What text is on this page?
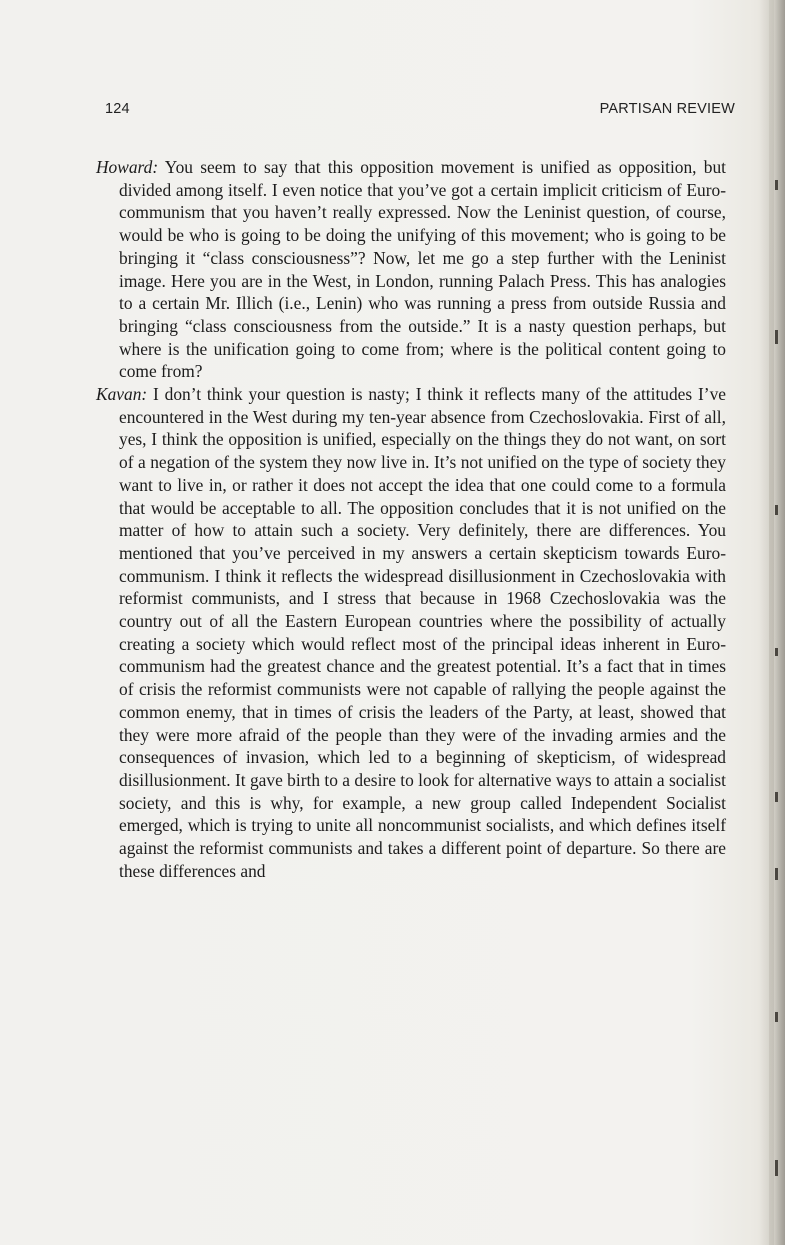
124	PARTISAN REVIEW

Howard: You seem to say that this opposition movement is unified as opposition, but divided among itself. I even notice that you’ve got a certain implicit criticism of Euro-communism that you haven’t really expressed. Now the Leninist question, of course, would be who is going to be doing the unifying of this movement; who is going to be bringing it “class consciousness”? Now, let me go a step further with the Leninist image. Here you are in the West, in London, running Palach Press. This has analogies to a certain Mr. Illich (i.e., Lenin) who was running a press from outside Russia and bringing “class consciousness from the outside.” It is a nasty question perhaps, but where is the unification going to come from; where is the political content going to come from?

Kavan: I don’t think your question is nasty; I think it reflects many of the attitudes I’ve encountered in the West during my ten-year absence from Czechoslovakia. First of all, yes, I think the opposition is unified, especially on the things they do not want, on sort of a negation of the system they now live in. It’s not unified on the type of society they want to live in, or rather it does not accept the idea that one could come to a formula that would be acceptable to all. The opposition concludes that it is not unified on the matter of how to attain such a society. Very definitely, there are differences. You mentioned that you’ve perceived in my answers a certain skepticism towards Euro-communism. I think it reflects the widespread disillusionment in Czechoslovakia with reformist communists, and I stress that because in 1968 Czechoslovakia was the country out of all the Eastern European countries where the possibility of actually creating a society which would reflect most of the principal ideas inherent in Euro-communism had the greatest chance and the greatest potential. It’s a fact that in times of crisis the reformist communists were not capable of rallying the people against the common enemy, that in times of crisis the leaders of the Party, at least, showed that they were more afraid of the people than they were of the invading armies and the consequences of invasion, which led to a beginning of skepticism, of widespread disillusionment. It gave birth to a desire to look for alternative ways to attain a socialist society, and this is why, for example, a new group called Independent Socialist emerged, which is trying to unite all noncommunist socialists, and which defines itself against the reformist communists and takes a different point of departure. So there are these differences and
